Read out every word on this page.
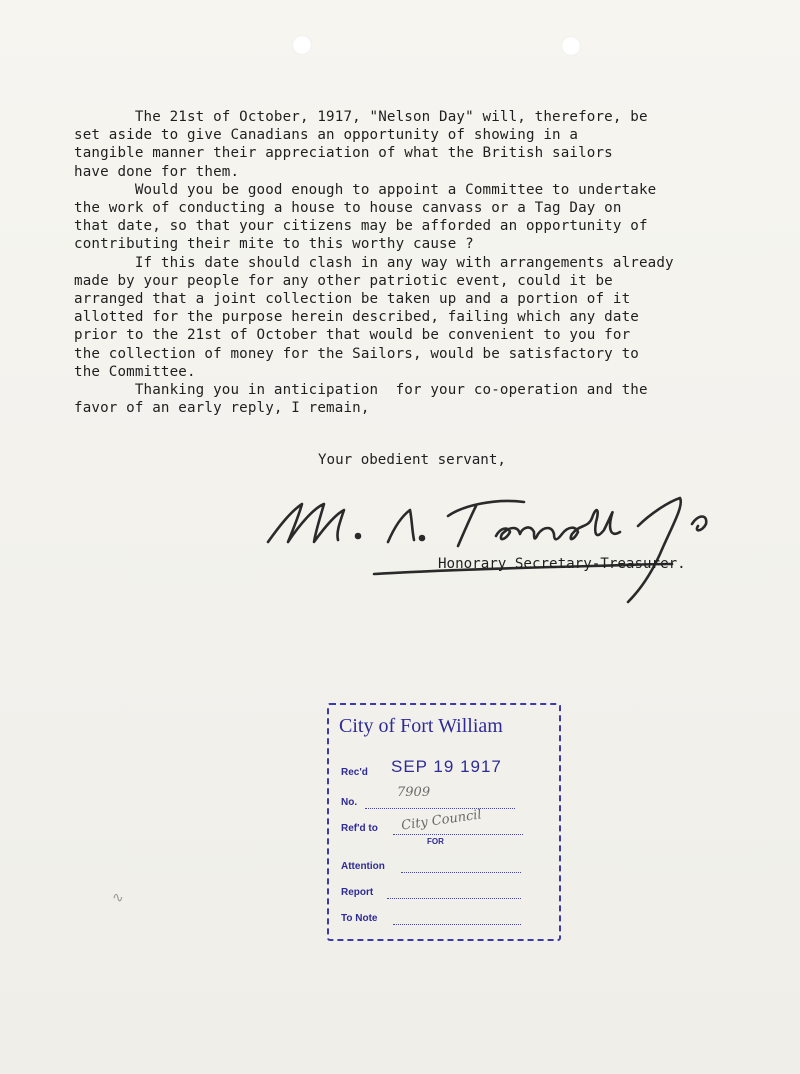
The 21st of October, 1917, "Nelson Day" will, therefore, be
set aside to give Canadians an opportunity of showing in a
tangible manner their appreciation of what the British sailors
have done for them.

Would you be good enough to appoint a Committee to undertake
the work of conducting a house to house canvass or a Tag Day on
that date, so that your citizens may be afforded an opportunity of
contributing their mite to this worthy cause ?

If this date should clash in any way with arrangements already
made by your people for any other patriotic event, could it be
arranged that a joint collection be taken up and a portion of it
allotted for the purpose herein described, failing which any date
prior to the 21st of October that would be convenient to you for
the collection of money for the Sailors, would be satisfactory to
the Committee.

Thanking you in anticipation  for your co-operation and the
favor of an early reply, I remain,

Your obedient servant,
Honorary Secretary-Treasurer.
City of Fort William
Rec'd SEP 19 1917
No.
7909
Ref'd to City Council
FOR
Attention
Report
To Note
∿
